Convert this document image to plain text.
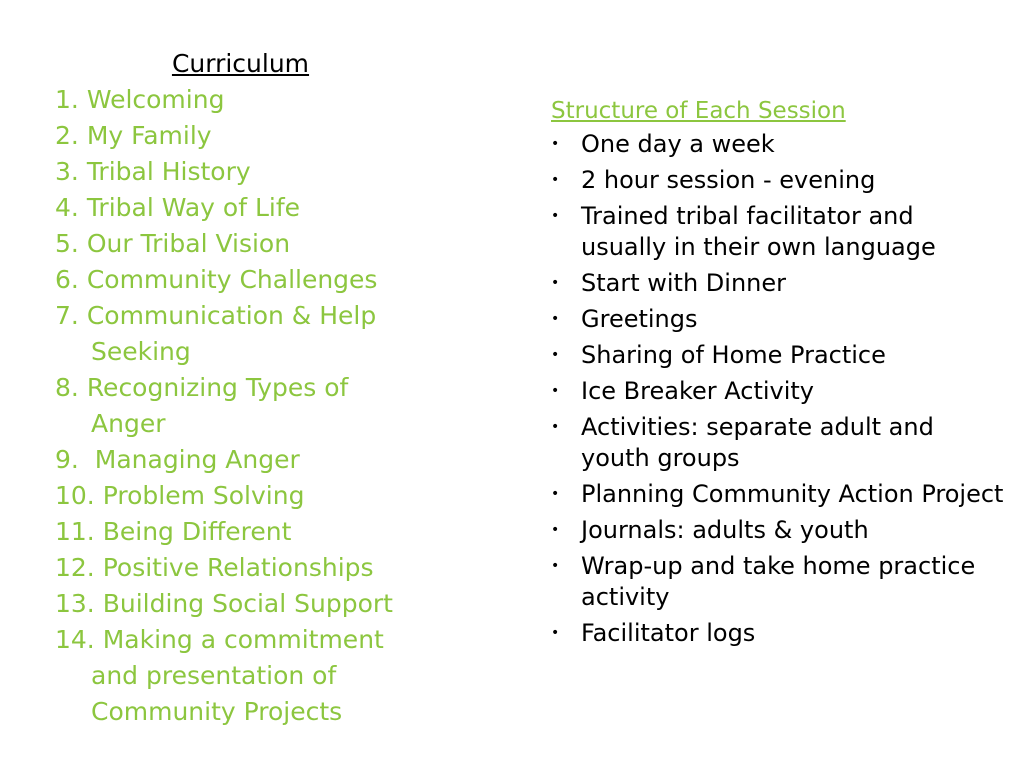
Curriculum
1. Welcoming
2. My Family
3. Tribal History
4. Tribal Way of Life
5. Our Tribal Vision
6. Community Challenges
7. Communication & Help
Seeking
8. Recognizing Types of
Anger
9.  Managing Anger
10. Problem Solving
11. Being Different
12. Positive Relationships
13. Building Social Support
14. Making a commitment
and presentation of
Community Projects
Structure of Each Session
• One day a week
• 2 hour session - evening
• Trained tribal facilitator and usually in their own language
• Start with Dinner
• Greetings
• Sharing of Home Practice
• Ice Breaker Activity
• Activities: separate adult and youth groups
• Planning Community Action Project
• Journals: adults & youth
• Wrap-up and take home practice activity
• Facilitator logs
